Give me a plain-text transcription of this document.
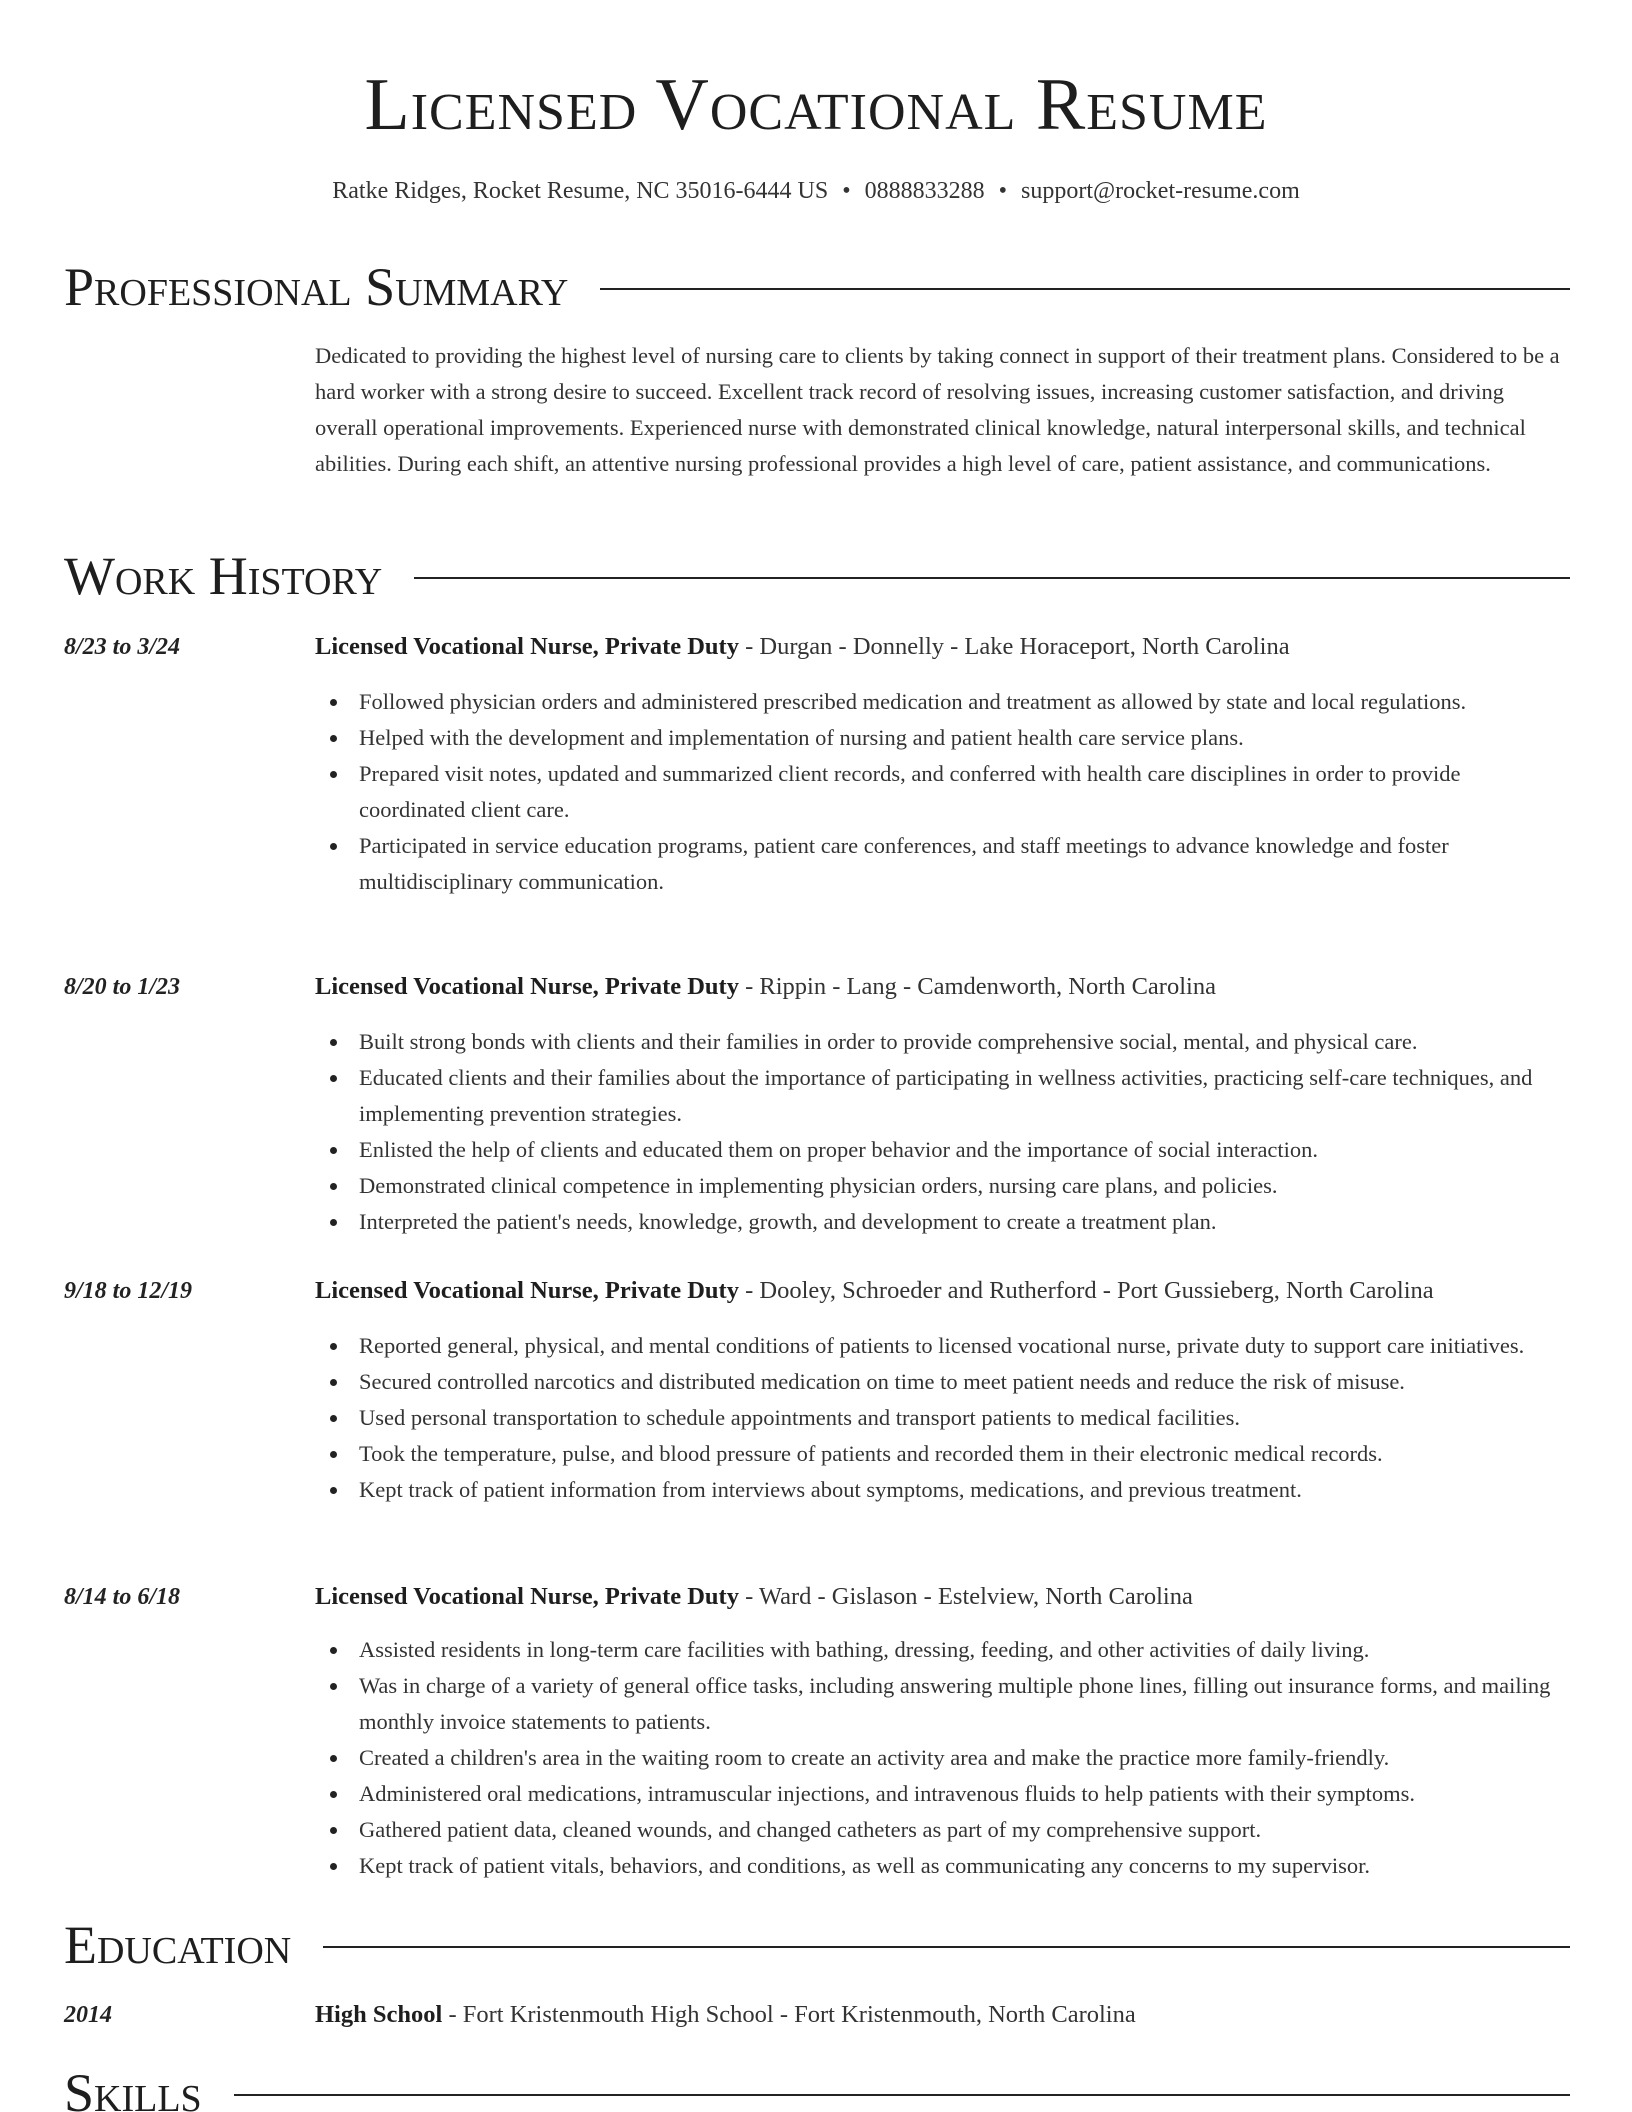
Licensed Vocational Resume
Ratke Ridges, Rocket Resume, NC 35016-6444 US • 0888833288 • support@rocket-resume.com
Professional Summary
Dedicated to providing the highest level of nursing care to clients by taking connect in support of their treatment plans. Considered to be a hard worker with a strong desire to succeed. Excellent track record of resolving issues, increasing customer satisfaction, and driving overall operational improvements. Experienced nurse with demonstrated clinical knowledge, natural interpersonal skills, and technical abilities. During each shift, an attentive nursing professional provides a high level of care, patient assistance, and communications.
Work History
8/23 to 3/24	Licensed Vocational Nurse, Private Duty - Durgan - Donnelly - Lake Horaceport, North Carolina
Followed physician orders and administered prescribed medication and treatment as allowed by state and local regulations.
Helped with the development and implementation of nursing and patient health care service plans.
Prepared visit notes, updated and summarized client records, and conferred with health care disciplines in order to provide coordinated client care.
Participated in service education programs, patient care conferences, and staff meetings to advance knowledge and foster multidisciplinary communication.
8/20 to 1/23	Licensed Vocational Nurse, Private Duty - Rippin - Lang - Camdenworth, North Carolina
Built strong bonds with clients and their families in order to provide comprehensive social, mental, and physical care.
Educated clients and their families about the importance of participating in wellness activities, practicing self-care techniques, and implementing prevention strategies.
Enlisted the help of clients and educated them on proper behavior and the importance of social interaction.
Demonstrated clinical competence in implementing physician orders, nursing care plans, and policies.
Interpreted the patient's needs, knowledge, growth, and development to create a treatment plan.
9/18 to 12/19	Licensed Vocational Nurse, Private Duty - Dooley, Schroeder and Rutherford - Port Gussieberg, North Carolina
Reported general, physical, and mental conditions of patients to licensed vocational nurse, private duty to support care initiatives.
Secured controlled narcotics and distributed medication on time to meet patient needs and reduce the risk of misuse.
Used personal transportation to schedule appointments and transport patients to medical facilities.
Took the temperature, pulse, and blood pressure of patients and recorded them in their electronic medical records.
Kept track of patient information from interviews about symptoms, medications, and previous treatment.
8/14 to 6/18	Licensed Vocational Nurse, Private Duty - Ward - Gislason - Estelview, North Carolina
Assisted residents in long-term care facilities with bathing, dressing, feeding, and other activities of daily living.
Was in charge of a variety of general office tasks, including answering multiple phone lines, filling out insurance forms, and mailing monthly invoice statements to patients.
Created a children's area in the waiting room to create an activity area and make the practice more family-friendly.
Administered oral medications, intramuscular injections, and intravenous fluids to help patients with their symptoms.
Gathered patient data, cleaned wounds, and changed catheters as part of my comprehensive support.
Kept track of patient vitals, behaviors, and conditions, as well as communicating any concerns to my supervisor.
Education
2014	High School - Fort Kristenmouth High School - Fort Kristenmouth, North Carolina
Skills
